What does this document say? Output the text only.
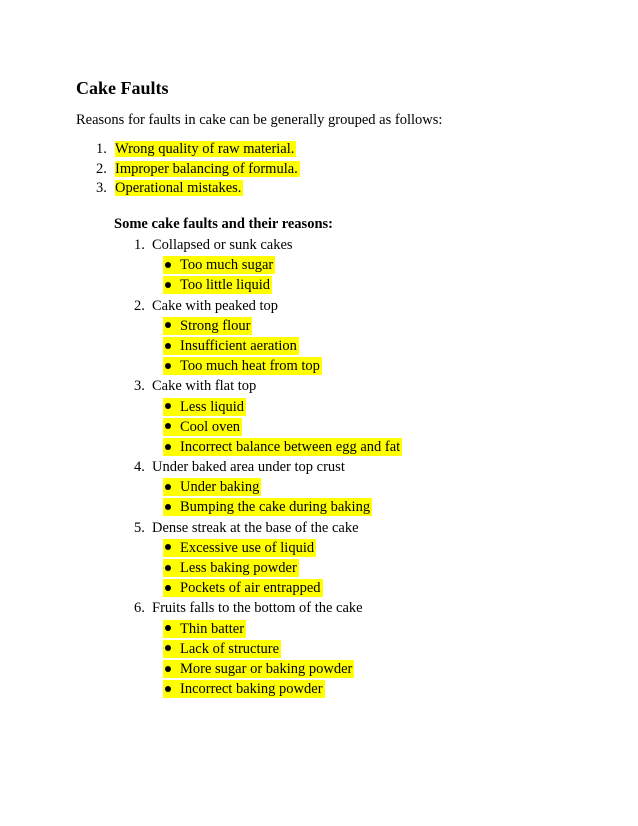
Cake Faults
Reasons for faults in cake can be generally grouped as follows:
1. Wrong quality of raw material.
2. Improper balancing of formula.
3. Operational mistakes.
Some cake faults and their reasons:
1. Collapsed or sunk cakes
Too much sugar
Too little liquid
2. Cake with peaked top
Strong flour
Insufficient aeration
Too much heat from top
3. Cake with flat top
Less liquid
Cool oven
Incorrect balance between egg and fat
4. Under baked area under top crust
Under baking
Bumping the cake during baking
5. Dense streak at the base of the cake
Excessive use of liquid
Less baking powder
Pockets of air entrapped
6. Fruits falls to the bottom of the cake
Thin batter
Lack of structure
More sugar or baking powder
Incorrect baking powder
